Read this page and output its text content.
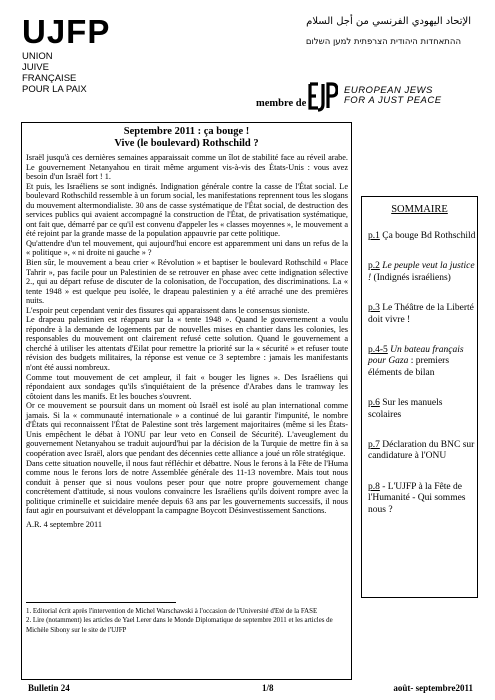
UJFP
UNION
JUIVE
FRANÇAISE
POUR LA PAIX
الإتحاد اليهودي الفرنسي من أجل السلام
ההתאחדות היהודית הצרפתית למען השלום
membre de
EUROPEAN JEWS
FOR A JUST PEACE
Septembre 2011 : ça bouge !
Vive (le boulevard) Rothschild ?

Israël jusqu'à ces dernières semaines apparaissait comme un îlot de stabilité face au réveil arabe. Le gouvernement Netanyahou en tirait même argument vis-à-vis des États-Unis : vous avez besoin d'un Israël fort ! 1.

Et puis, les Israéliens se sont indignés. Indignation générale contre la casse de l'État social. Le boulevard Rothschild ressemble à un forum social, les manifestations reprennent tous les slogans du mouvement altermondialiste. 30 ans de casse systématique de l'État social, de destruction des services publics qui avaient accompagné la construction de l'État, de privatisation systématique, ont fait que, démarré par ce qu'il est convenu d'appeler les « classes moyennes », le mouvement a été rejoint par la grande masse de la population appauvrie par cette politique.

Qu'attendre d'un tel mouvement, qui aujourd'hui encore est apparemment uni dans un refus de la « politique », « ni droite ni gauche » ?

Bien sûr, le mouvement a beau crier « Révolution » et baptiser le boulevard Rothschild « Place Tahrir », pas facile pour un Palestinien de se retrouver en phase avec cette indignation sélective 2., qui au départ refuse de discuter de la colonisation, de l'occupation, des discriminations. La « tente 1948 » est quelque peu isolée, le drapeau palestinien y a été arraché une des premières nuits.

L'espoir peut cependant venir des fissures qui apparaissent dans le consensus sioniste.

Le drapeau palestinien est réapparu sur la « tente 1948 ». Quand le gouvernement a voulu répondre à la demande de logements par de nouvelles mises en chantier dans les colonies, les responsables du mouvement ont clairement refusé cette solution. Quand le gouvernement a cherché à utiliser les attentats d'Eilat pour remettre la priorité sur la « sécurité » et refuser toute révision des budgets militaires, la réponse est venue ce 3 septembre : jamais les manifestants n'ont été aussi nombreux.

Comme tout mouvement de cet ampleur, il fait « bouger les lignes ». Des Israéliens qui répondaient aux sondages qu'ils s'inquiétaient de la présence d'Arabes dans le tramway les côtoient dans les manifs. Et les bouches s'ouvrent.

Or ce mouvement se poursuit dans un moment où Israël est isolé au plan international comme jamais. Si la « communauté internationale » a continué de lui garantir l'impunité, le nombre d'États qui reconnaissent l'État de Palestine sont très largement majoritaires (même si les États-Unis empêchent le débat à l'ONU par leur veto en Conseil de Sécurité). L'aveuglement du gouvernement Netanyahou se traduit aujourd'hui par la décision de la Turquie de mettre fin à sa coopération avec Israël, alors que pendant des décennies cette alliance a joué un rôle stratégique.

Dans cette situation nouvelle, il nous faut réfléchir et débattre. Nous le ferons à la Fête de l'Huma comme nous le ferons lors de notre Assemblée générale des 11-13 novembre. Mais tout nous conduit à penser que si nous voulons peser pour que notre propre gouvernement change concrètement d'attitude, si nous voulons convaincre les Israéliens qu'ils doivent rompre avec la politique criminelle et suicidaire menée depuis 63 ans par les gouvernements successifs, il nous faut agir en poursuivant et développant la campagne Boycott Désinvestissement Sanctions.

A.R. 4 septembre 2011

1. Editorial écrit après l'intervention de Michel Warschawski à l'occasion de l'Université d'Eté de la FASE
2. Lire (notamment) les articles de Yael Lerer dans le Monde Diplomatique de septembre 2011 et les articles de Michèle Sibony sur le site de l'UJFP
SOMMAIRE
p.1 Ça bouge Bd Rothschild
p.2 Le peuple veut la justice ! (Indignés israéliens)
p.3 Le Théâtre de la Liberté doit vivre !
p.4-5 Un bateau français pour Gaza : premiers éléments de bilan
p.6 Sur les manuels scolaires
p.7 Déclaration du BNC sur candidature à l'ONU
p.8 - L'UJFP à la Fête de l'Humanité - Qui sommes nous ?
Bulletin 24	1/8	août- septembre2011
